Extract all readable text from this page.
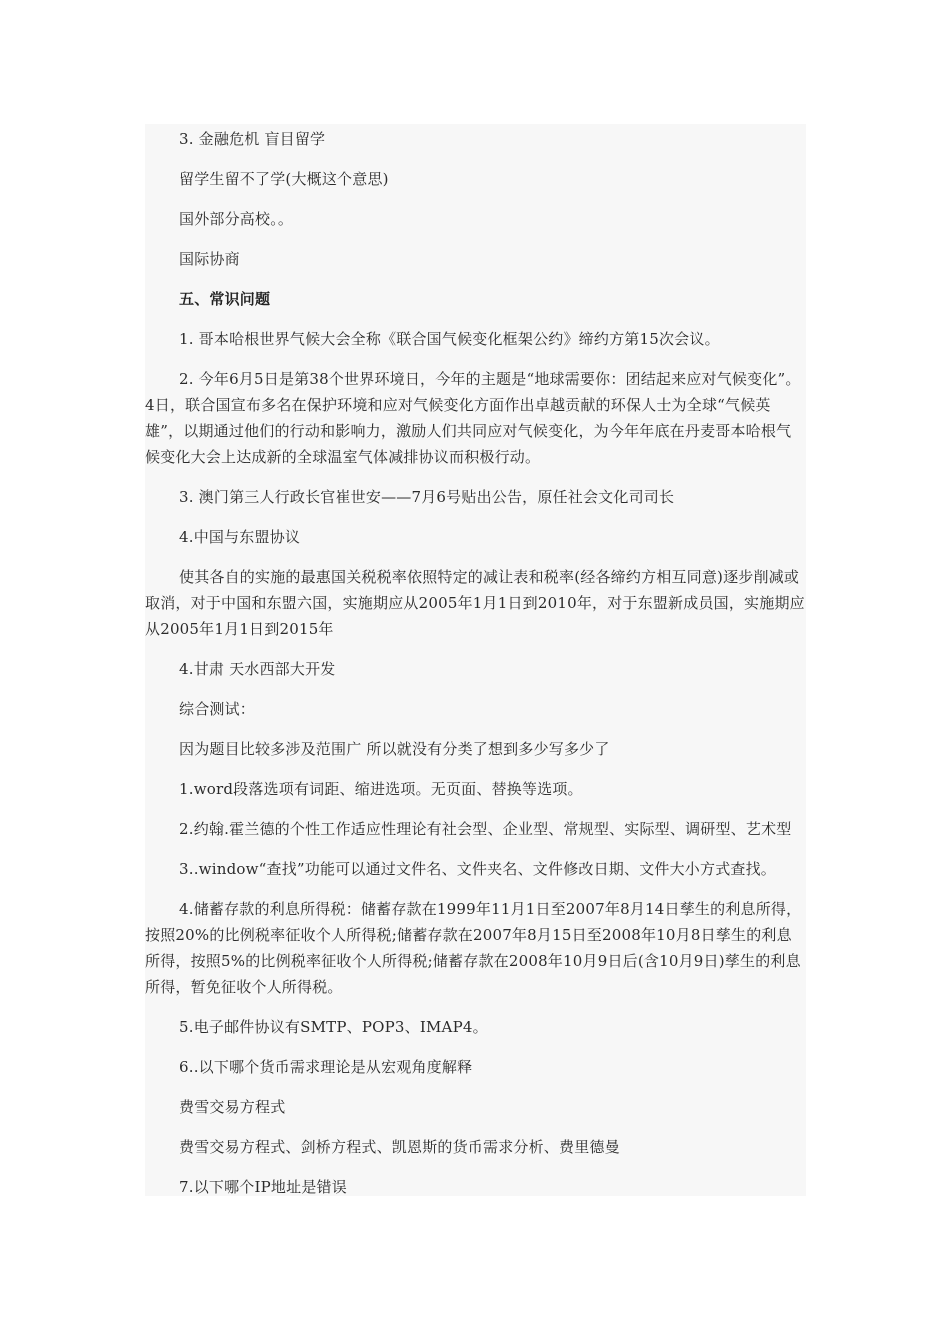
3. 金融危机 盲目留学

留学生留不了学(大概这个意思)

国外部分高校。。

国际协商

五、常识问题

1. 哥本哈根世界气候大会全称《联合国气候变化框架公约》缔约方第15次会议。

2. 今年6月5日是第38个世界环境日，今年的主题是“地球需要你：团结起来应对气候变化”。 4日，联合国宣布多名在保护环境和应对气候变化方面作出卓越贡献的环保人士为全球“气候英雄”，以期通过他们的行动和影响力，激励人们共同应对气候变化，为今年年底在丹麦哥本哈根气候变化大会上达成新的全球温室气体减排协议而积极行动。

3. 澳门第三人行政长官崔世安——7月6号贴出公告，原任社会文化司司长

4.中国与东盟协议

使其各自的实施的最惠国关税税率依照特定的减让表和税率(经各缔约方相互同意)逐步削减或取消，对于中国和东盟六国，实施期应从2005年1月1日到2010年，对于东盟新成员国，实施期应从2005年1月1日到2015年

4.甘肃 天水西部大开发

综合测试：

因为题目比较多涉及范围广 所以就没有分类了想到多少写多少了

1.word段落选项有词距、缩进选项。无页面、替换等选项。

2.约翰.霍兰德的个性工作适应性理论有社会型、企业型、常规型、实际型、调研型、艺术型

3..window“查找”功能可以通过文件名、文件夹名、文件修改日期、文件大小方式查找。

4.储蓄存款的利息所得税：储蓄存款在1999年11月1日至2007年8月14日孳生的利息所得，按照20%的比例税率征收个人所得税;储蓄存款在2007年8月15日至2008年10月8日孳生的利息所得，按照5%的比例税率征收个人所得税;储蓄存款在2008年10月9日后(含10月9日)孳生的利息所得，暂免征收个人所得税。

5.电子邮件协议有SMTP、POP3、IMAP4。

6..以下哪个货币需求理论是从宏观角度解释

费雪交易方程式

费雪交易方程式、剑桥方程式、凯恩斯的货币需求分析、费里德曼

7.以下哪个IP地址是错误
